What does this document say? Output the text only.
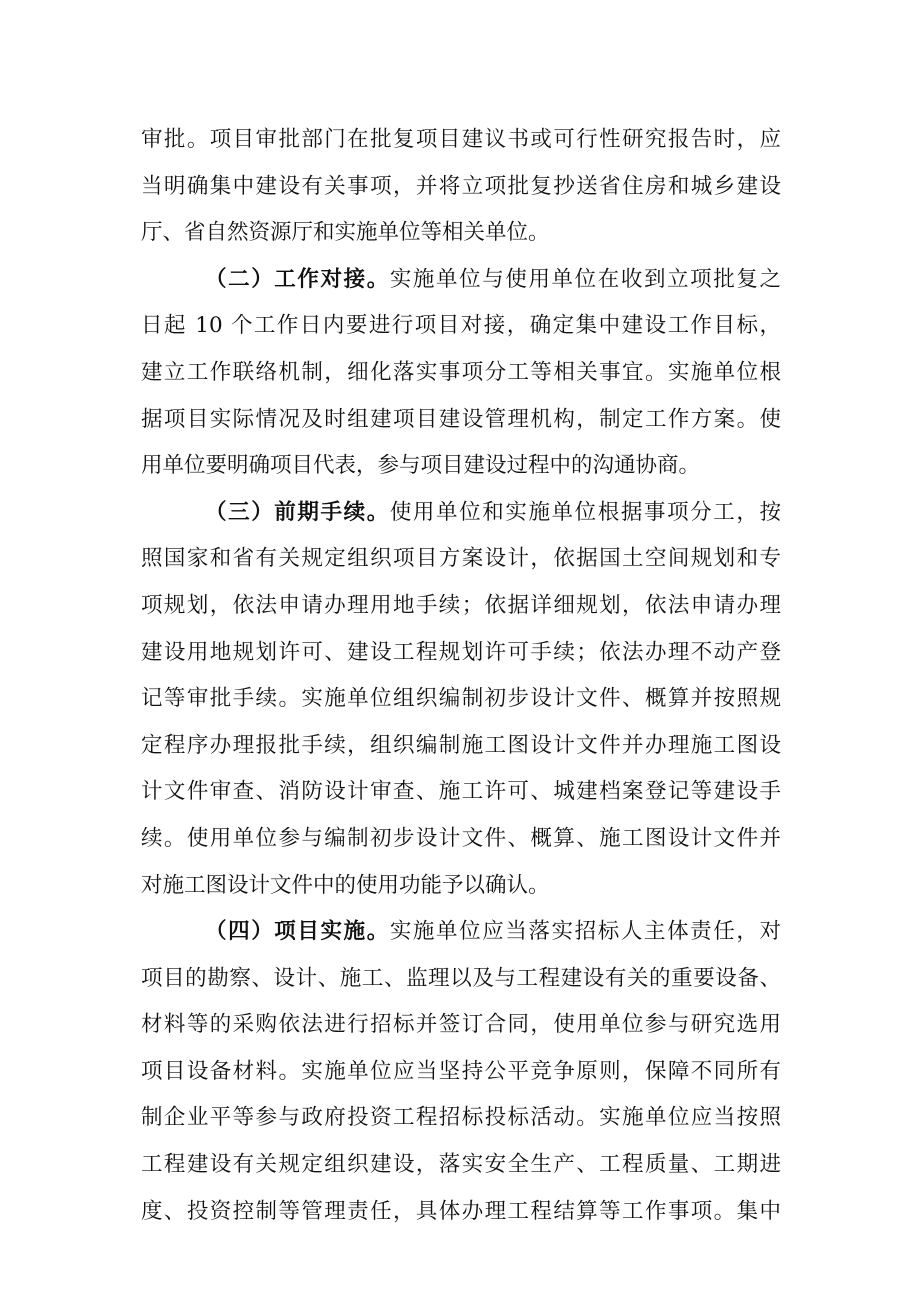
审批。项目审批部门在批复项目建议书或可行性研究报告时，应
当明确集中建设有关事项，并将立项批复抄送省住房和城乡建设
厅、省自然资源厅和实施单位等相关单位。
（二）工作对接。实施单位与使用单位在收到立项批复之
日起 10 个工作日内要进行项目对接，确定集中建设工作目标，
建立工作联络机制，细化落实事项分工等相关事宜。实施单位根
据项目实际情况及时组建项目建设管理机构，制定工作方案。使
用单位要明确项目代表，参与项目建设过程中的沟通协商。
（三）前期手续。使用单位和实施单位根据事项分工，按
照国家和省有关规定组织项目方案设计，依据国土空间规划和专
项规划，依法申请办理用地手续；依据详细规划，依法申请办理
建设用地规划许可、建设工程规划许可手续；依法办理不动产登
记等审批手续。实施单位组织编制初步设计文件、概算并按照规
定程序办理报批手续，组织编制施工图设计文件并办理施工图设
计文件审查、消防设计审查、施工许可、城建档案登记等建设手
续。使用单位参与编制初步设计文件、概算、施工图设计文件并
对施工图设计文件中的使用功能予以确认。
（四）项目实施。实施单位应当落实招标人主体责任，对
项目的勘察、设计、施工、监理以及与工程建设有关的重要设备、
材料等的采购依法进行招标并签订合同，使用单位参与研究选用
项目设备材料。实施单位应当坚持公平竞争原则，保障不同所有
制企业平等参与政府投资工程招标投标活动。实施单位应当按照
工程建设有关规定组织建设，落实安全生产、工程质量、工期进
度、投资控制等管理责任，具体办理工程结算等工作事项。集中
